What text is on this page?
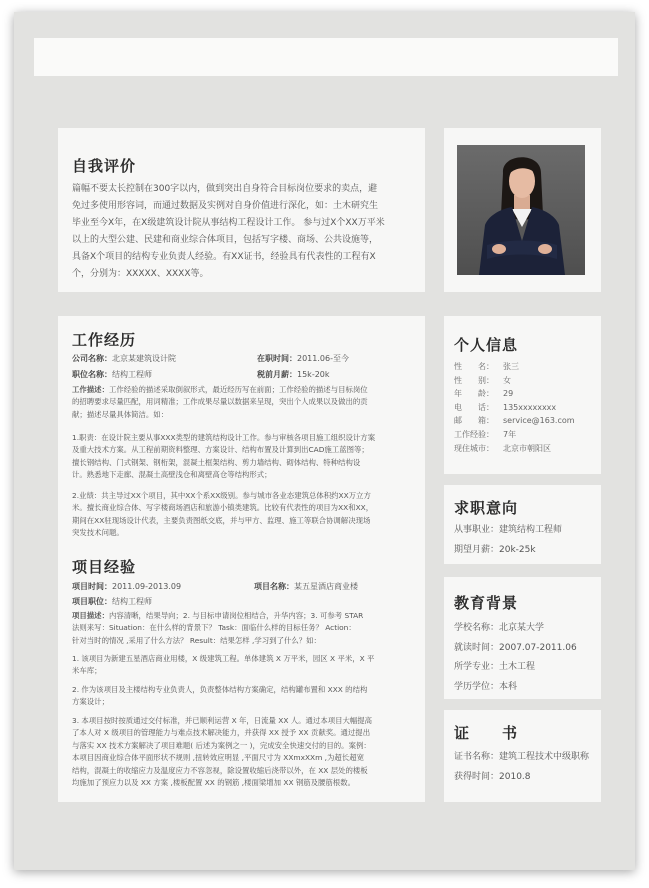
自我评价
篇幅不要太长控制在300字以内，做到突出自身符合目标岗位要求的卖点，避
免过多使用形容词，而通过数据及实例对自身价值进行深化，如：土木研究生
毕业至今X年，在X级建筑设计院从事结构工程设计工作。 参与过X个XX万平米
以上的大型公建、民建和商业综合体项目，包括写字楼、商场、公共设施等，
具备X个项目的结构专业负责人经验。有XX证书，经验具有代表性的工程有X
个，分别为：XXXXX、XXXX等。
工作经历
公司名称：北京某建筑设计院	在职时间：2011.06-至今
职位名称：结构工程师	税前月薪：15k-20k
工作描述：工作经验的描述采取倒叙形式，最近经历写在前面；工作经验的描述与目标岗位
的招聘要求尽量匹配，用词精准；工作成果尽量以数据来呈现，突出个人成果以及做出的贡
献；描述尽量具体简洁。如：
1.职责：在设计院主要从事XXX类型的建筑结构设计工作。参与审核各项目施工组织设计方案
及重大技术方案。从工程前期资料整理、方案设计、结构布置及计算到出CAD施工蓝图等；
擅长钢结构、门式钢架、钢桁架，混凝土框架结构、剪力墙结构、砌体结构、特种结构设
计。熟悉地下走廊、混凝土高壁浅仓和离壁高仓等结构形式；
2.业绩：共主导过XX个项目，其中XX个系XX级别。参与城市各业态建筑总体积约XX万立方
米。擅长商业综合体、写字楼商场酒店和旅游小镇类建筑。比较有代表性的项目为XX和XX，
期间在XX驻现场设计代表，主要负责图纸交底，并与甲方、监理、施工等联合协调解决现场
突发技术问题。
项目经验
项目时间：2011.09-2013.09	项目名称：某五星酒店商业楼
项目职位：结构工程师
项目描述：内容清晰，结果导向；2. 与目标申请岗位相结合，升华内容；3. 可参考 STAR
法则来写：Situation：在什么样的背景下？ Task：面临什么样的目标任务？ Action：
针对当时的情况 ,采用了什么方法？ Result：结果怎样 ,学习到了什么？如：
1. 该项目为新建五星酒店商业用楼，X 级建筑工程。单体建筑 X 万平米，园区 X 平米，X 平
米车库；
2. 作为该项目及主楼结构专业负责人，负责整体结构方案确定，结构罐布置和 XXX 的结构
方案设计；
3. 本项目按时按质通过交付标准，并已顺利运营 X 年，日流量 XX 人。通过本项目大幅提高
了本人对 X 级项目的管理能力与难点技术解决能力，并获得 XX 授予 XX 贡献奖。通过提出
与落实 XX 技术方案解决了项目难题( 后述为案例之一 )，完成安全快速交付的目的。案例：
本项目因商业综合体平面形状不规则 ,扭转效应明显 ,平面尺寸为 XXmxXXm ,为超长超宽
结构，混凝土的收缩应力及温度应力不容忽视，除设置收缩后浇带以外，在 XX 层处的楼板
均施加了预应力以及 XX 方案 ,楼板配置 XX 的钢筋 ,楼面梁增加 XX 钢筋及腰筋根数。
个人信息
性　　名： 张三
性　　别： 女
年　　龄： 29
电　　话： 135xxxxxxxx
邮　　箱： service@163.com
工作经验： 7年
现住城市： 北京市朝阳区
求职意向
从事职业：建筑结构工程师
期望月薪：20k-25k
教育背景
学校名称：北京某大学
就读时间：2007.07-2011.06
所学专业：土木工程
学历学位：本科
证　　书
证书名称：建筑工程技术中级职称
获得时间：2010.8
